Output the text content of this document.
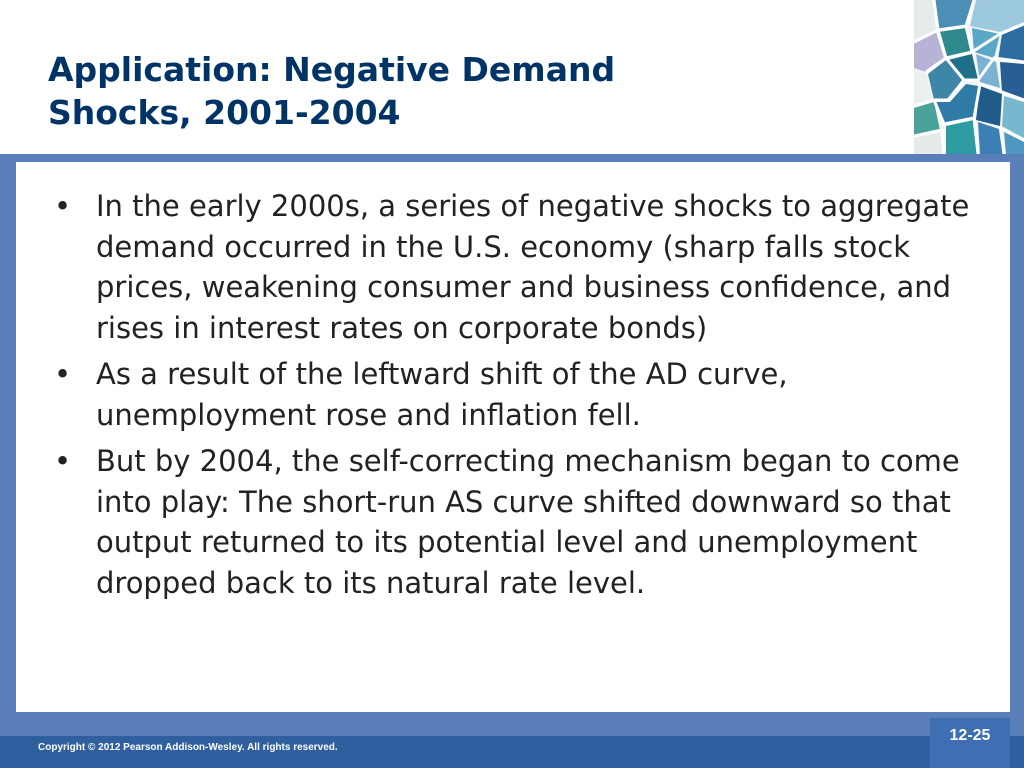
Application: Negative Demand
Shocks, 2001-2004
• In the early 2000s, a series of negative shocks to aggregate demand occurred in the U.S. economy (sharp falls stock prices, weakening consumer and business confidence, and rises in interest rates on corporate bonds)
• As a result of the leftward shift of the AD curve, unemployment rose and inflation fell.
• But by 2004, the self-correcting mechanism began to come into play: The short-run AS curve shifted downward so that output returned to its potential level and unemployment dropped back to its natural rate level.
Copyright © 2012 Pearson Addison-Wesley. All rights reserved.
12-25
